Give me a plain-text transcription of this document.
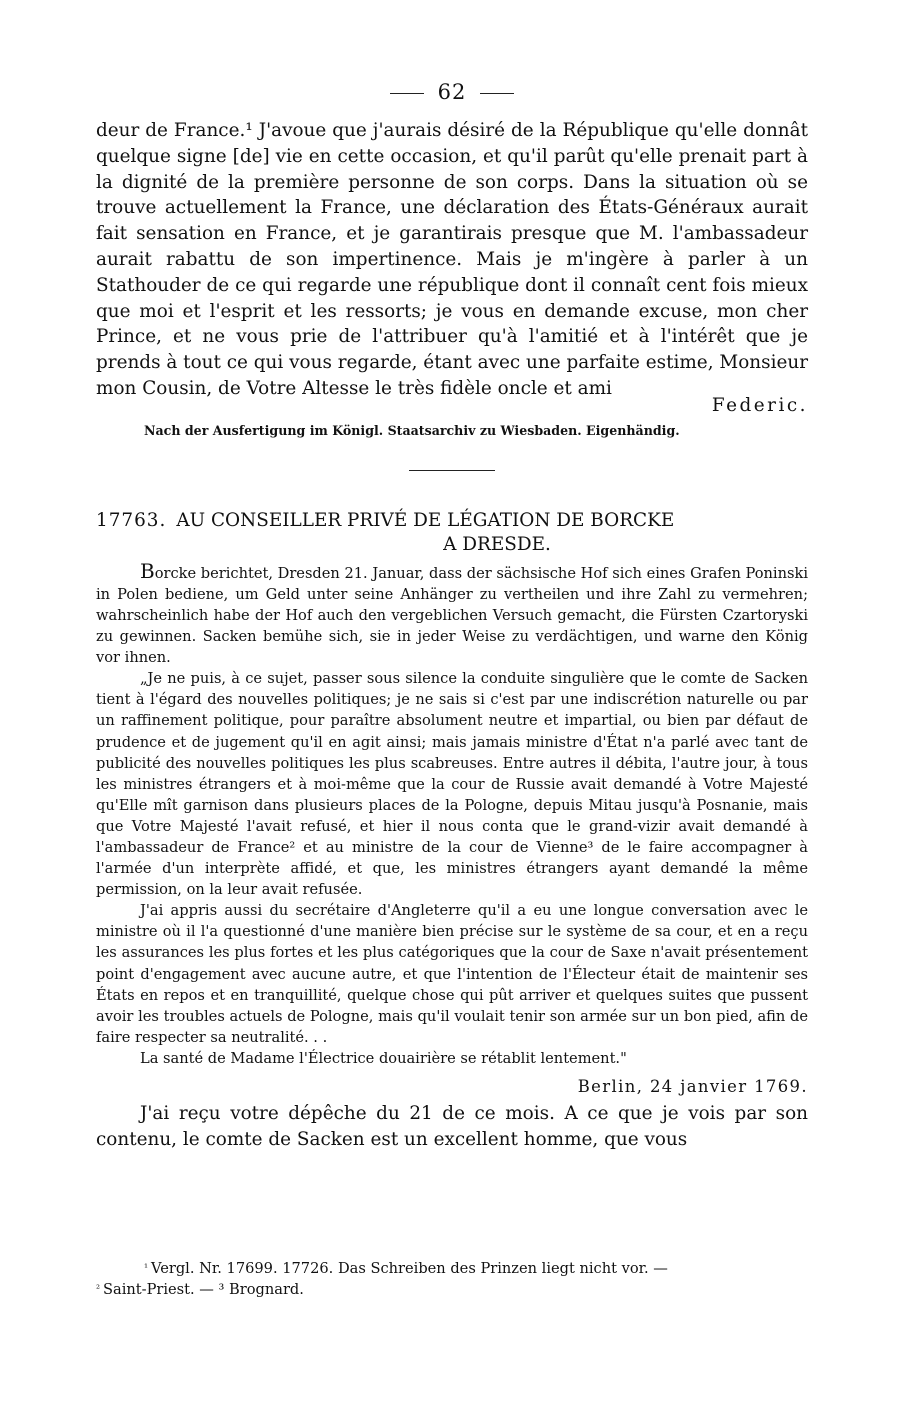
62

deur de France.¹ J'avoue que j'aurais désiré de la République qu'elle donnât quelque signe [de] vie en cette occasion, et qu'il parût qu'elle prenait part à la dignité de la première personne de son corps. Dans la situation où se trouve actuellement la France, une déclaration des États-Généraux aurait fait sensation en France, et je garantirais presque que M. l'ambassadeur aurait rabattu de son impertinence. Mais je m'ingère à parler à un Stathouder de ce qui regarde une république dont il connaît cent fois mieux que moi et l'esprit et les ressorts; je vous en demande excuse, mon cher Prince, et ne vous prie de l'attribuer qu'à l'amitié et à l'intérêt que je prends à tout ce qui vous regarde, étant avec une parfaite estime, Monsieur mon Cousin, de Votre Altesse le très fidèle oncle et ami

Federic.
Nach der Ausfertigung im Königl. Staatsarchiv zu Wiesbaden. Eigenhändig.

17763. AU CONSEILLER PRIVÉ DE LÉGATION DE BORCKE

A DRESDE.

Borcke berichtet, Dresden 21. Januar, dass der sächsische Hof sich eines Grafen Poninski in Polen bediene, um Geld unter seine Anhänger zu vertheilen und ihre Zahl zu vermehren; wahrscheinlich habe der Hof auch den vergeblichen Versuch gemacht, die Fürsten Czartoryski zu gewinnen. Sacken bemühe sich, sie in jeder Weise zu verdächtigen, und warne den König vor ihnen.

„Je ne puis, à ce sujet, passer sous silence la conduite singulière que le comte de Sacken tient à l'égard des nouvelles politiques; je ne sais si c'est par une indiscrétion naturelle ou par un raffinement politique, pour paraître absolument neutre et impartial, ou bien par défaut de prudence et de jugement qu'il en agit ainsi; mais jamais ministre d'État n'a parlé avec tant de publicité des nouvelles politiques les plus scabreuses. Entre autres il débita, l'autre jour, à tous les ministres étrangers et à moi-même que la cour de Russie avait demandé à Votre Majesté qu'Elle mît garnison dans plusieurs places de la Pologne, depuis Mitau jusqu'à Posnanie, mais que Votre Majesté l'avait refusé, et hier il nous conta que le grand-vizir avait demandé à l'ambassadeur de France² et au ministre de la cour de Vienne³ de le faire accompagner à l'armée d'un interprète affidé, et que, les ministres étrangers ayant demandé la même permission, on la leur avait refusée.

J'ai appris aussi du secrétaire d'Angleterre qu'il a eu une longue conversation avec le ministre où il l'a questionné d'une manière bien précise sur le système de sa cour, et en a reçu les assurances les plus fortes et les plus catégoriques que la cour de Saxe n'avait présentement point d'engagement avec aucune autre, et que l'intention de l'Électeur était de maintenir ses États en repos et en tranquillité, quelque chose qui pût arriver et quelques suites que pussent avoir les troubles actuels de Pologne, mais qu'il voulait tenir son armée sur un bon pied, afin de faire respecter sa neutralité. . .

La santé de Madame l'Électrice douairière se rétablit lentement."

Berlin, 24 janvier 1769.

J'ai reçu votre dépêche du 21 de ce mois. A ce que je vois par son contenu, le comte de Sacken est un excellent homme, que vous

$^{^1}$ Vergl. Nr. 17699. 17726. Das Schreiben des Prinzen liegt nicht vor. —

$^{^2}$ Saint-Priest. — ³ Brognard.
